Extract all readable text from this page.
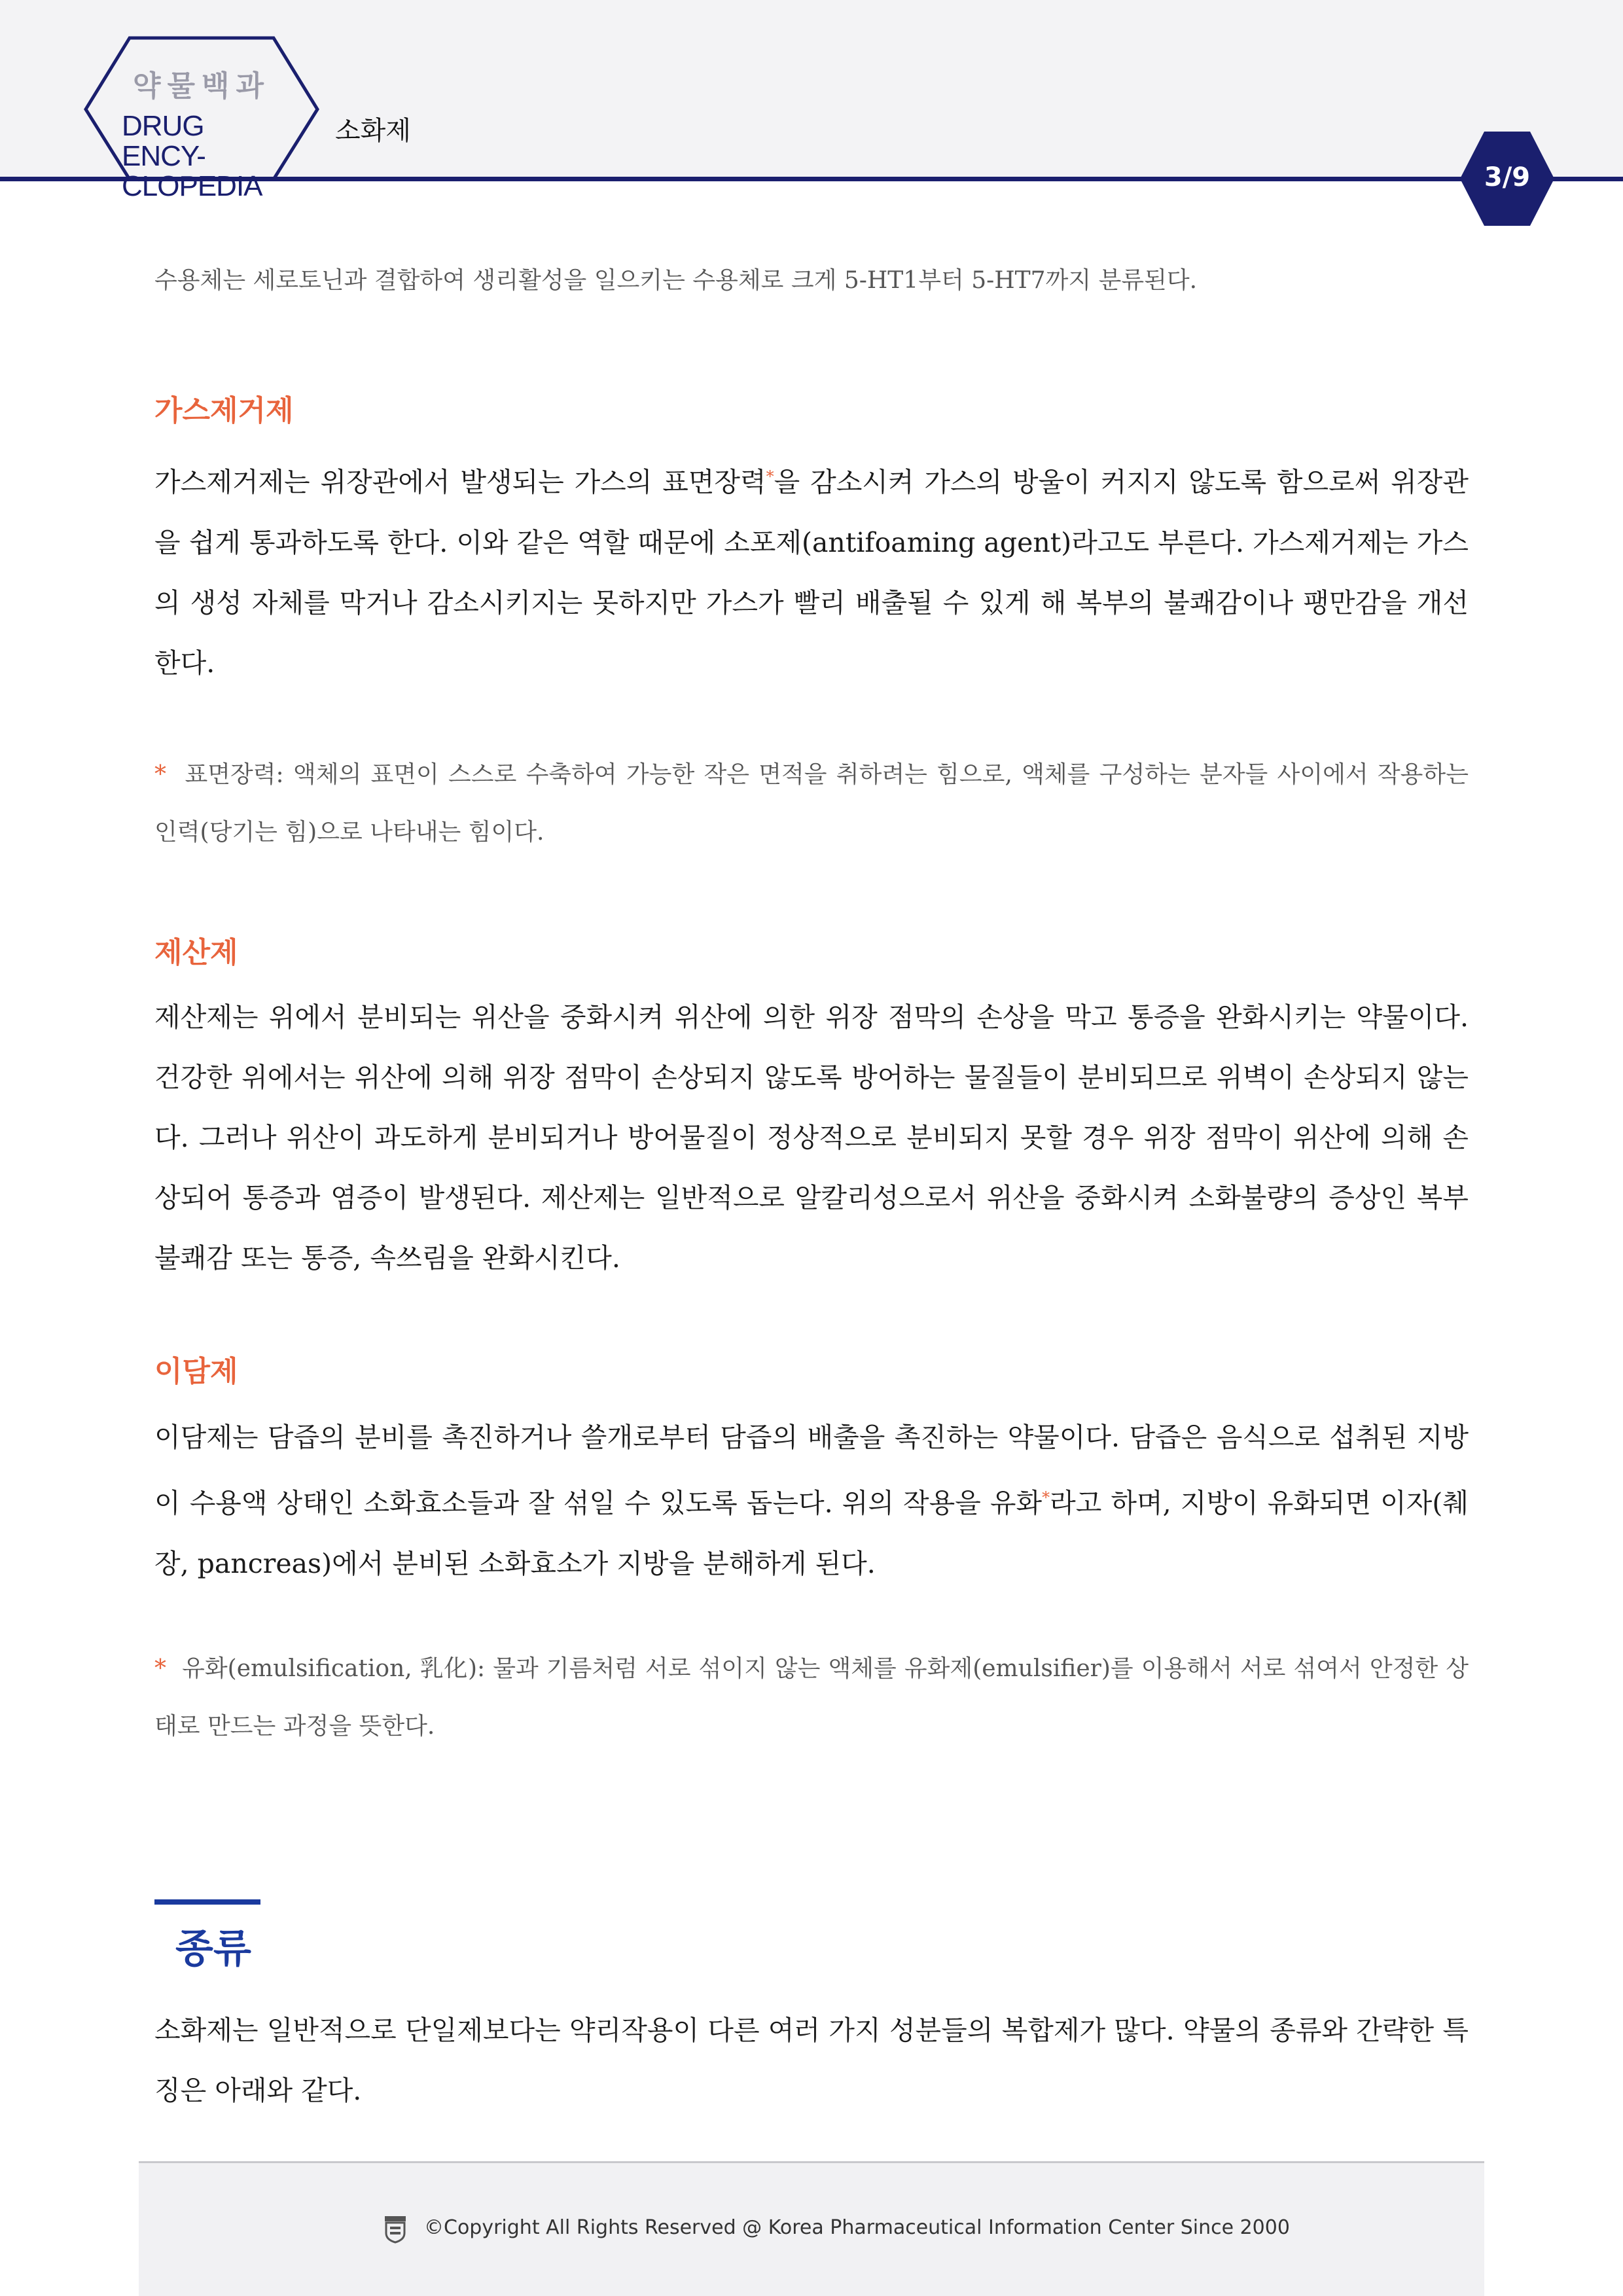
약물백과
DRUG ENCY-
CLOPEDIA
소화제
3/9

수용체는 세로토닌과 결합하여 생리활성을 일으키는 수용체로 크게 5-HT1부터 5-HT7까지 분류된다.

가스제거제

가스제거제는 위장관에서 발생되는 가스의 표면장력*을 감소시켜 가스의 방울이 커지지 않도록 함으로써 위장관을 쉽게 통과하도록 한다. 이와 같은 역할 때문에 소포제(antifoaming agent)라고도 부른다. 가스제거제는 가스의 생성 자체를 막거나 감소시키지는 못하지만 가스가 빨리 배출될 수 있게 해 복부의 불쾌감이나 팽만감을 개선한다.

* 표면장력: 액체의 표면이 스스로 수축하여 가능한 작은 면적을 취하려는 힘으로, 액체를 구성하는 분자들 사이에서 작용하는 인력(당기는 힘)으로 나타내는 힘이다.

제산제

제산제는 위에서 분비되는 위산을 중화시켜 위산에 의한 위장 점막의 손상을 막고 통증을 완화시키는 약물이다. 건강한 위에서는 위산에 의해 위장 점막이 손상되지 않도록 방어하는 물질들이 분비되므로 위벽이 손상되지 않는다. 그러나 위산이 과도하게 분비되거나 방어물질이 정상적으로 분비되지 못할 경우 위장 점막이 위산에 의해 손상되어 통증과 염증이 발생된다. 제산제는 일반적으로 알칼리성으로서 위산을 중화시켜 소화불량의 증상인 복부 불쾌감 또는 통증, 속쓰림을 완화시킨다.

이담제

이담제는 담즙의 분비를 촉진하거나 쓸개로부터 담즙의 배출을 촉진하는 약물이다. 담즙은 음식으로 섭취된 지방이 수용액 상태인 소화효소들과 잘 섞일 수 있도록 돕는다. 위의 작용을 유화*라고 하며, 지방이 유화되면 이자(췌장, pancreas)에서 분비된 소화효소가 지방을 분해하게 된다.

* 유화(emulsification, 乳化): 물과 기름처럼 서로 섞이지 않는 액체를 유화제(emulsifier)를 이용해서 서로 섞여서 안정한 상태로 만드는 과정을 뜻한다.

종류

소화제는 일반적으로 단일제보다는 약리작용이 다른 여러 가지 성분들의 복합제가 많다. 약물의 종류와 간략한 특징은 아래와 같다.

©Copyright All Rights Reserved @ Korea Pharmaceutical Information Center Since 2000
